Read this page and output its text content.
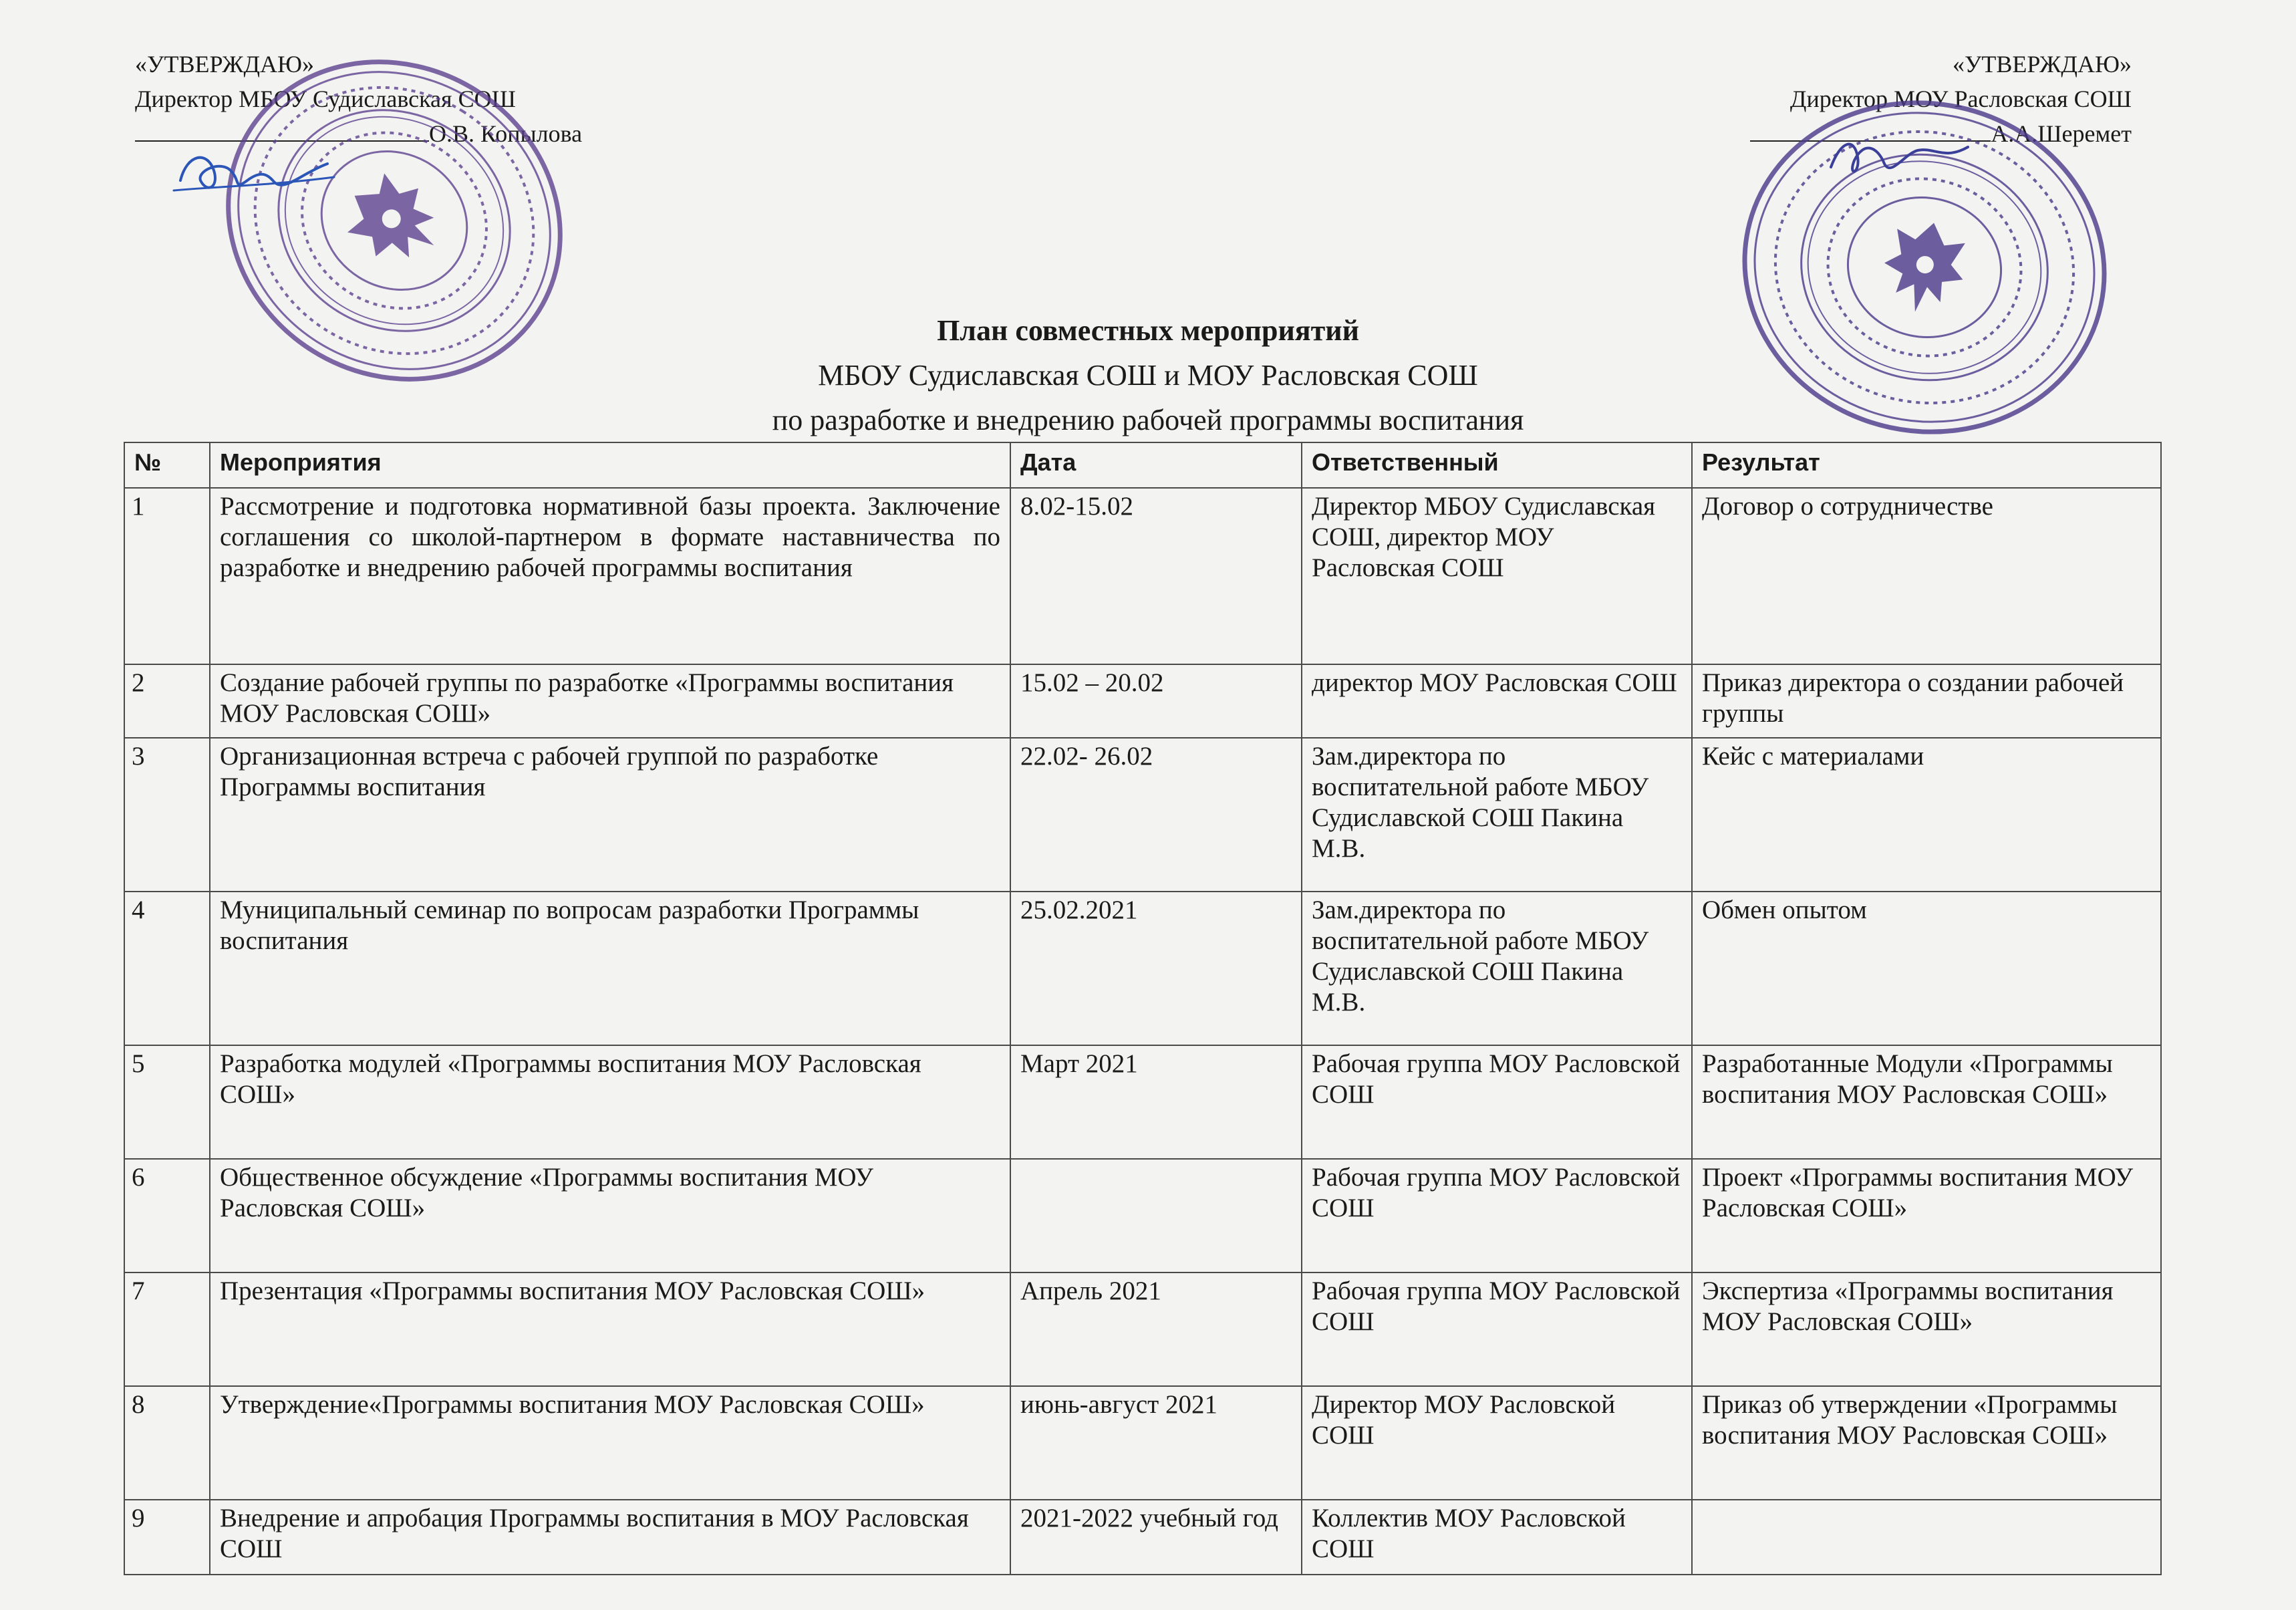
«УТВЕРЖДАЮ»
Директор МБОУ Судиславская СОШ
О.В. Копылова
«УТВЕРЖДАЮ»
Директор МОУ Расловская СОШ
А.А.Шеремет
План совместных мероприятий
МБОУ Судиславская СОШ и МОУ Расловская СОШ
по разработке и внедрению рабочей программы воспитания
№	Мероприятия	Дата	Ответственный	Результат
1	Рассмотрение и подготовка нормативной базы проекта. Заключение соглашения со школой-партнером в формате наставничества по разработке и внедрению рабочей программы воспитания	8.02-15.02	Директор МБОУ Судиславская СОШ, директор МОУ Расловская СОШ	Договор о сотрудничестве
2	Создание рабочей группы по разработке «Программы воспитания МОУ Расловская СОШ»	15.02 – 20.02	директор МОУ Расловская СОШ	Приказ директора о создании рабочей группы
3	Организационная встреча с рабочей группой по разработке Программы воспитания	22.02- 26.02	Зам.директора по воспитательной работе МБОУ Судиславской СОШ Пакина М.В.	Кейс с материалами
4	Муниципальный семинар по вопросам разработки Программы воспитания	25.02.2021	Зам.директора по воспитательной работе МБОУ Судиславской СОШ Пакина М.В.	Обмен опытом
5	Разработка модулей «Программы воспитания МОУ Расловская СОШ»	Март 2021	Рабочая группа МОУ Расловской СОШ	Разработанные Модули «Программы воспитания МОУ Расловская СОШ»
6	Общественное обсуждение «Программы воспитания МОУ Расловская СОШ»		Рабочая группа МОУ Расловской СОШ	Проект «Программы воспитания МОУ Расловская СОШ»
7	Презентация «Программы воспитания МОУ Расловская СОШ»	Апрель 2021	Рабочая группа МОУ Расловской СОШ	Экспертиза «Программы воспитания МОУ Расловская СОШ»
8	Утверждение«Программы воспитания МОУ Расловская СОШ»	июнь-август 2021	Директор МОУ Расловской СОШ	Приказ об утверждении «Программы воспитания МОУ Расловская СОШ»
9	Внедрение и апробация Программы воспитания в МОУ Расловская СОШ	2021-2022 учебный год	Коллектив МОУ Расловской СОШ	
